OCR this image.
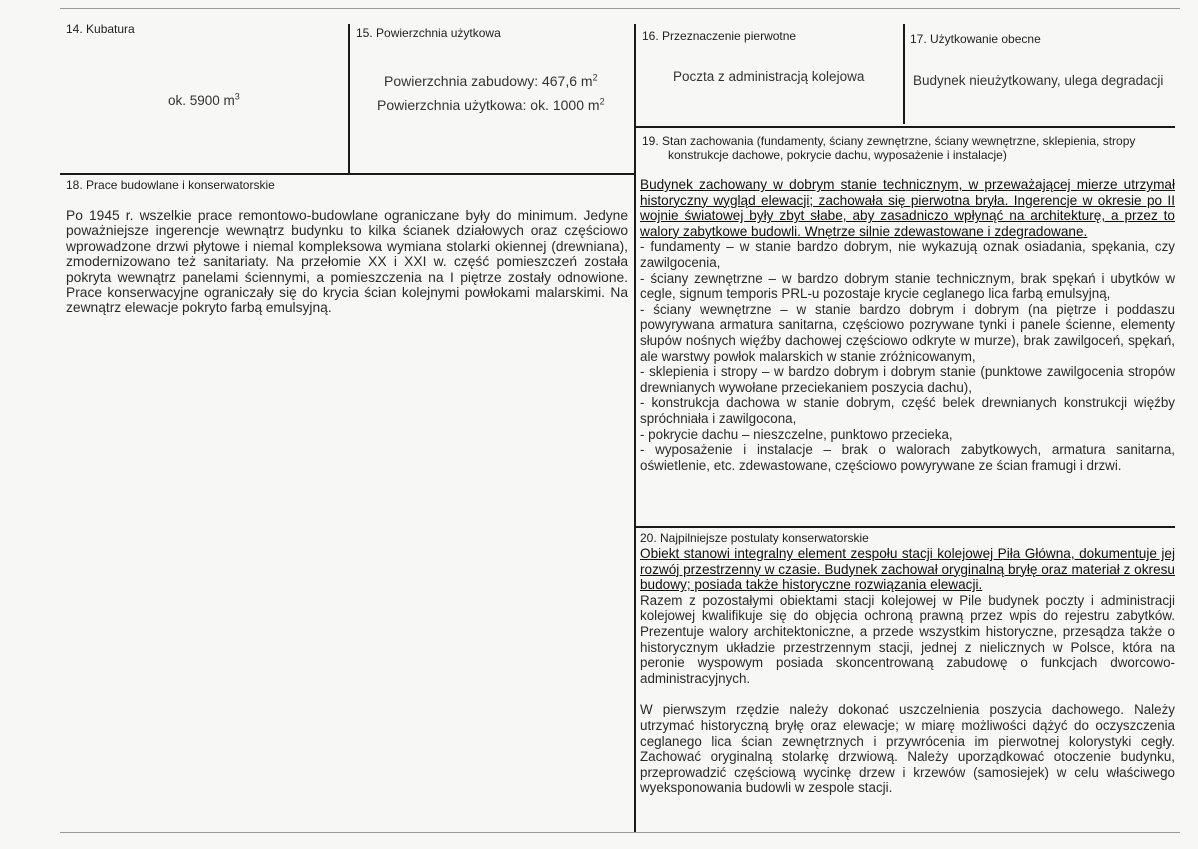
14. Kubatura
ok. 5900 $m^3$
15. Powierzchnia użytkowa
Powierzchnia zabudowy: 467,6 $m^2$
Powierzchnia użytkowa: ok. 1000 $m^2$
16. Przeznaczenie pierwotne
Poczta z administracją kolejowa
17. Użytkowanie obecne
Budynek nieużytkowany, ulega degradacji
18. Prace budowlane i konserwatorskie
Po 1945 r. wszelkie prace remontowo-budowlane ograniczane były do minimum. Jedyne poważniejsze ingerencje wewnątrz budynku to kilka ścianek działowych oraz częściowo wprowadzone drzwi płytowe i niemal kompleksowa wymiana stolarki okiennej (drewniana), zmodernizowano też sanitariaty. Na przełomie XX i XXI w. część pomieszczeń została pokryta wewnątrz panelami ściennymi, a pomieszczenia na I piętrze zostały odnowione. Prace konserwacyjne ograniczały się do krycia ścian kolejnymi powłokami malarskimi. Na zewnątrz elewacje pokryto farbą emulsyjną.
19. Stan zachowania (fundamenty, ściany zewnętrzne, ściany wewnętrzne, sklepienia, stropy
konstrukcje dachowe, pokrycie dachu, wyposażenie i instalacje)

Budynek zachowany w dobrym stanie technicznym, w przeważającej mierze utrzymał historyczny wygląd elewacji; zachowała się pierwotna bryła. Ingerencje w okresie po II wojnie światowej były zbyt słabe, aby zasadniczo wpłynąć na architekturę, a przez to walory zabytkowe budowli. Wnętrze silnie zdewastowane i zdegradowane.

- fundamenty – w stanie bardzo dobrym, nie wykazują oznak osiadania, spękania, czy zawilgocenia,

- ściany zewnętrzne – w bardzo dobrym stanie technicznym, brak spękań i ubytków w cegle, signum temporis PRL-u pozostaje krycie ceglanego lica farbą emulsyjną,

- ściany wewnętrzne – w stanie bardzo dobrym i dobrym (na piętrze i poddaszu powyrywana armatura sanitarna, częściowo pozrywane tynki i panele ścienne, elementy słupów nośnych więźby dachowej częściowo odkryte w murze), brak zawilgoceń, spękań, ale warstwy powłok malarskich w stanie zróżnicowanym,

- sklepienia i stropy – w bardzo dobrym i dobrym stanie (punktowe zawilgocenia stropów drewnianych wywołane przeciekaniem poszycia dachu),

- konstrukcja dachowa w stanie dobrym, część belek drewnianych konstrukcji więźby spróchniała i zawilgocona,

- pokrycie dachu – nieszczelne, punktowo przecieka,

- wyposażenie i instalacje – brak o walorach zabytkowych, armatura sanitarna, oświetlenie, etc. zdewastowane, częściowo powyrywane ze ścian framugi i drzwi.

20. Najpilniejsze postulaty konserwatorskie

Obiekt stanowi integralny element zespołu stacji kolejowej Piła Główna, dokumentuje jej rozwój przestrzenny w czasie. Budynek zachował oryginalną bryłę oraz materiał z okresu budowy; posiada także historyczne rozwiązania elewacji.

Razem z pozostałymi obiektami stacji kolejowej w Pile budynek poczty i administracji kolejowej kwalifikuje się do objęcia ochroną prawną przez wpis do rejestru zabytków. Prezentuje walory architektoniczne, a przede wszystkim historyczne, przesądza także o historycznym układzie przestrzennym stacji, jednej z nielicznych w Polsce, która na peronie wyspowym posiada skoncentrowaną zabudowę o funkcjach dworcowo-administracyjnych.

W pierwszym rzędzie należy dokonać uszczelnienia poszycia dachowego. Należy utrzymać historyczną bryłę oraz elewacje; w miarę możliwości dążyć do oczyszczenia ceglanego lica ścian zewnętrznych i przywrócenia im pierwotnej kolorystyki cegły. Zachować oryginalną stolarkę drzwiową. Należy uporządkować otoczenie budynku, przeprowadzić częściową wycinkę drzew i krzewów (samosiejek) w celu właściwego wyeksponowania budowli w zespole stacji.
